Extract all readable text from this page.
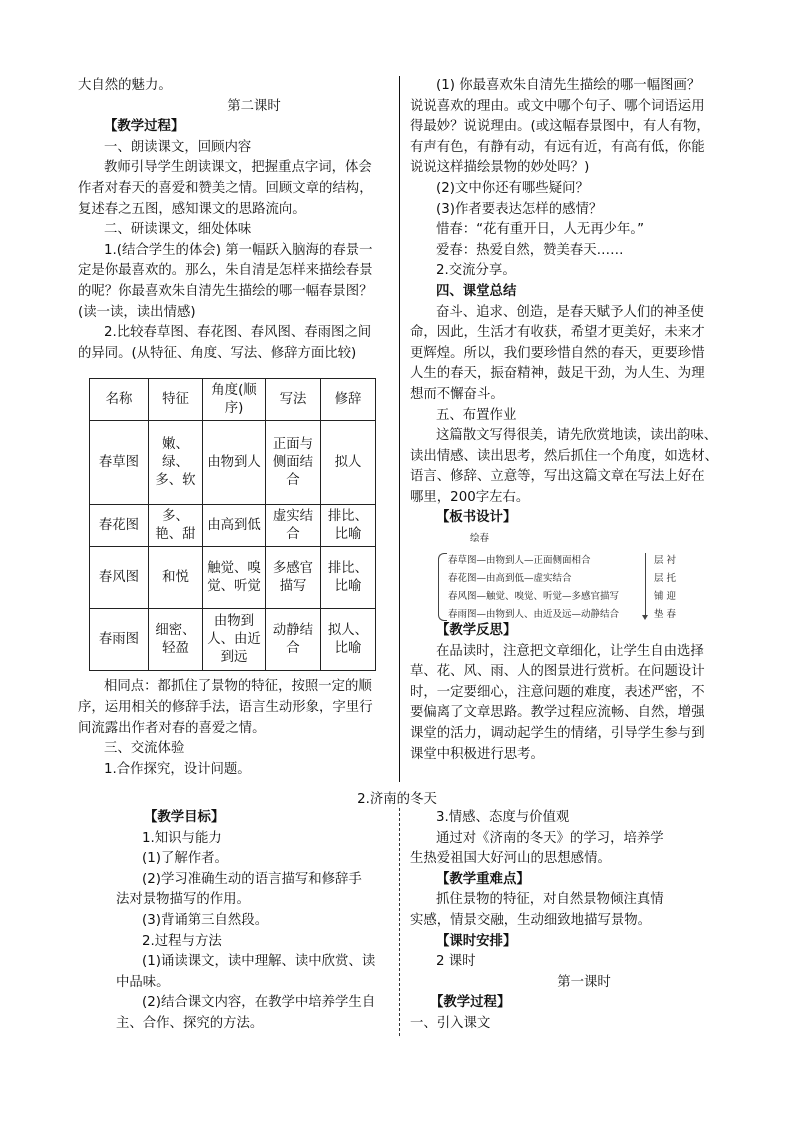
大自然的魅力。

第二课时

【教学过程】

一、朗读课文，回顾内容

教师引导学生朗读课文，把握重点字词，体会

作者对春天的喜爱和赞美之情。回顾文章的结构，

复述春之五图，感知课文的思路流向。

二、研读课文，细处体味

1.(结合学生的体会) 第一幅跃入脑海的春景一

定是你最喜欢的。那么，朱自清是怎样来描绘春景

的呢？你最喜欢朱自清先生描绘的哪一幅春景图？

(读一读，读出情感)

2.比较春草图、春花图、春风图、春雨图之间

的异同。(从特征、角度、写法、修辞方面比较)

名称	特征	角度(顺序)	写法	修辞
春草图	嫩、绿、多、软	由物到人	正面与侧面结合	拟人
春花图	多、艳、甜	由高到低	虚实结合	排比、比喻
春风图	和悦	触觉、嗅觉、听觉	多感官描写	排比、比喻
春雨图	细密、轻盈	由物到人、由近到远	动静结合	拟人、比喻

相同点：都抓住了景物的特征，按照一定的顺

序，运用相关的修辞手法，语言生动形象，字里行

间流露出作者对春的喜爱之情。

三、交流体验

1.合作探究，设计问题。

(1) 你最喜欢朱自清先生描绘的哪一幅图画？

说说喜欢的理由。或文中哪个句子、哪个词语运用

得最妙？说说理由。(或这幅春景图中，有人有物，

有声有色，有静有动，有远有近，有高有低，你能

说说这样描绘景物的妙处吗？)

(2)文中你还有哪些疑问？

(3)作者要表达怎样的感情？

惜春：“花有重开日，人无再少年。”

爱春：热爱自然，赞美春天……

2.交流分享。

四、课堂总结

奋斗、追求、创造，是春天赋予人们的神圣使

命，因此，生活才有收获，希望才更美好，未来才

更辉煌。所以，我们要珍惜自然的春天，更要珍惜

人生的春天，振奋精神，鼓足干劲，为人生、为理

想而不懈奋斗。

五、布置作业

这篇散文写得很美，请先欣赏地读，读出韵味、

读出情感、读出思考，然后抓住一个角度，如选材、

语言、修辞、立意等，写出这篇文章在写法上好在

哪里，200字左右。

【板书设计】

绘春
春草图—由物到人—正面侧面相合
春花图—由高到低—虚实结合
春风图—触觉、嗅觉、听觉—多感官描写
春雨图—由物到人、由近及远—动静结合
层 衬
层 托
铺 迎
垫 春

【教学反思】

在品读时，注意把文章细化，让学生自由选择

草、花、风、雨、人的图景进行赏析。在问题设计

时，一定要细心，注意问题的难度，表述严密，不

要偏离了文章思路。教学过程应流畅、自然，增强

课堂的活力，调动起学生的情绪，引导学生参与到

课堂中积极进行思考。

2.济南的冬天

【教学目标】

1.知识与能力

(1)了解作者。

(2)学习准确生动的语言描写和修辞手

法对景物描写的作用。

(3)背诵第三自然段。

2.过程与方法

(1)诵读课文，读中理解、读中欣赏、读

中品味。

(2)结合课文内容，在教学中培养学生自

主、合作、探究的方法。

3.情感、态度与价值观

通过对《济南的冬天》的学习，培养学

生热爱祖国大好河山的思想感情。

【教学重难点】

抓住景物的特征，对自然景物倾注真情

实感，情景交融，生动细致地描写景物。

【课时安排】

2 课时

第一课时

【教学过程】

一、引入课文
